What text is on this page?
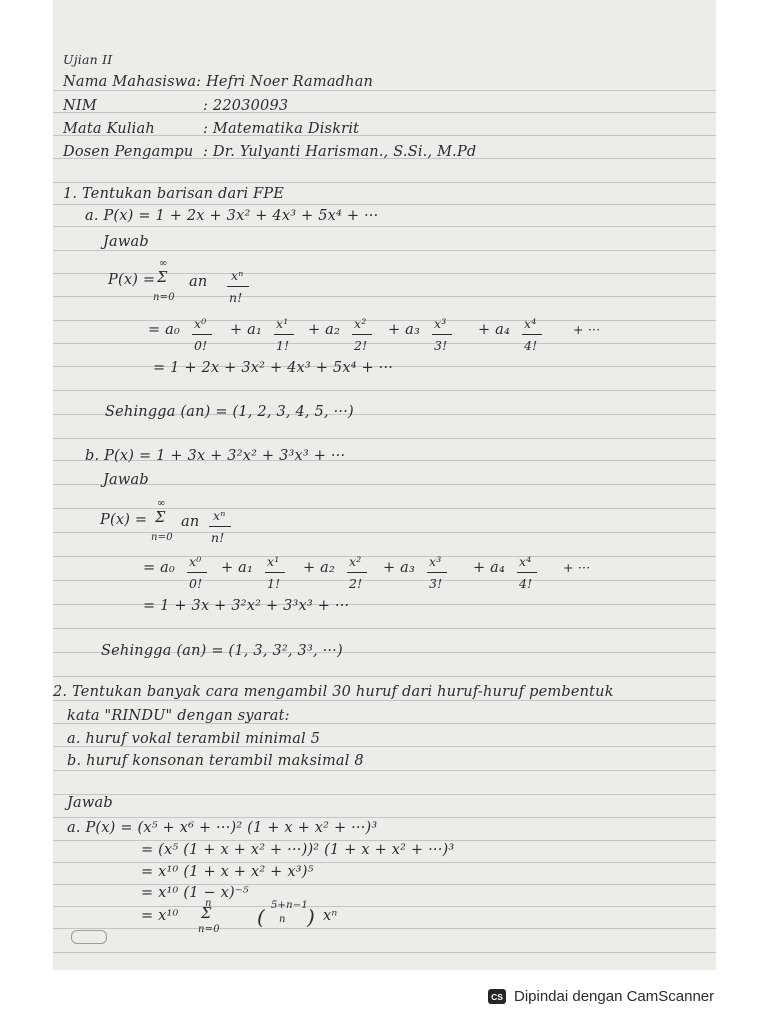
Ujian II
Nama Mahasiswa: Hefri Noer Ramadhan
NIM	: 22030093
Mata Kuliah	: Matematika Diskrit
Dosen Pengampu : Dr. Yulyanti Harisman., S.Si., M.Pd
1. Tentukan barisan dari FPE
a. P(x) = 1 + 2x + 3x² + 4x³ + 5x⁴ + ···
Jawab
P(x) =
∞
Σ
n=0
an xⁿ
n!
= a₀ x⁰
0!
+ a₁ x¹
1!
+ a₂ x²
2!
+ a₃ x³
3!
+ a₄ x⁴
4!
+ ···
= 1 + 2x + 3x² + 4x³ + 5x⁴ + ···
Sehingga (an) = (1, 2, 3, 4, 5, ···)
b. P(x) = 1 + 3x + 3²x² + 3³x³ + ···
Jawab
P(x) =
∞
Σ
n=0
an xⁿ
n!
= a₀ x⁰
0!
+ a₁ x¹
1!
+ a₂ x²
2!
+ a₃ x³
3!
+ a₄ x⁴
4!
+ ···
= 1 + 3x + 3²x² + 3³x³ + ···
Sehingga (an) = (1, 3, 3², 3³, ···)
2. Tentukan banyak cara mengambil 30 huruf dari huruf-huruf pembentuk
kata "RINDU" dengan syarat:
a. huruf vokal terambil minimal 5
b. huruf konsonan terambil maksimal 8
Jawab
a. P(x) = (x⁵ + x⁶ + ···)² (1 + x + x² + ···)³
= (x⁵ (1 + x + x² + ···))² (1 + x + x² + ···)³
= x¹⁰ (1 + x + x² + x³)⁵
= x¹⁰ (1 − x)⁻⁵
= x¹⁰
n
Σ
n=0
( 5+n−1
n ) xⁿ
CS Dipindai dengan CamScanner
